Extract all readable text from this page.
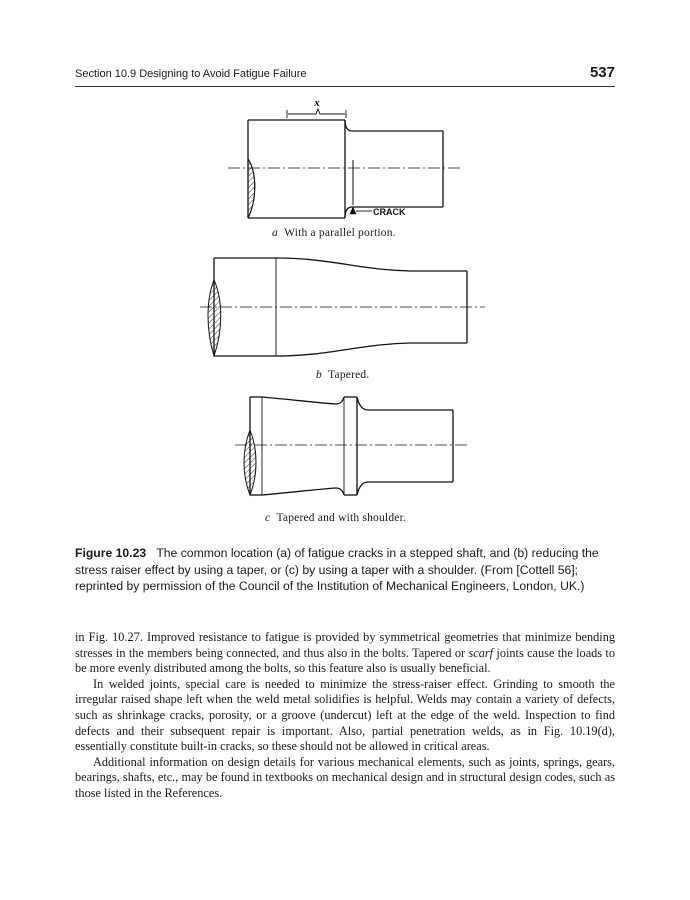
Section 10.9 Designing to Avoid Fatigue Failure	537
x
CRACK
a With a parallel portion.
b Tapered.
c Tapered and with shoulder.
Figure 10.23 The common location (a) of fatigue cracks in a stepped shaft, and (b) reducing the stress raiser effect by using a taper, or (c) by using a taper with a shoulder. (From [Cottell 56]; reprinted by permission of the Council of the Institution of Mechanical Engineers, London, UK.)

in Fig. 10.27. Improved resistance to fatigue is provided by symmetrical geometries that minimize bending stresses in the members being connected, and thus also in the bolts. Tapered or scarf joints cause the loads to be more evenly distributed among the bolts, so this feature also is usually beneficial.

In welded joints, special care is needed to minimize the stress-raiser effect. Grinding to smooth the irregular raised shape left when the weld metal solidifies is helpful. Welds may contain a variety of defects, such as shrinkage cracks, porosity, or a groove (undercut) left at the edge of the weld. Inspection to find defects and their subsequent repair is important. Also, partial penetration welds, as in Fig. 10.19(d), essentially constitute built-in cracks, so these should not be allowed in critical areas.

Additional information on design details for various mechanical elements, such as joints, springs, gears, bearings, shafts, etc., may be found in textbooks on mechanical design and in structural design codes, such as those listed in the References.
